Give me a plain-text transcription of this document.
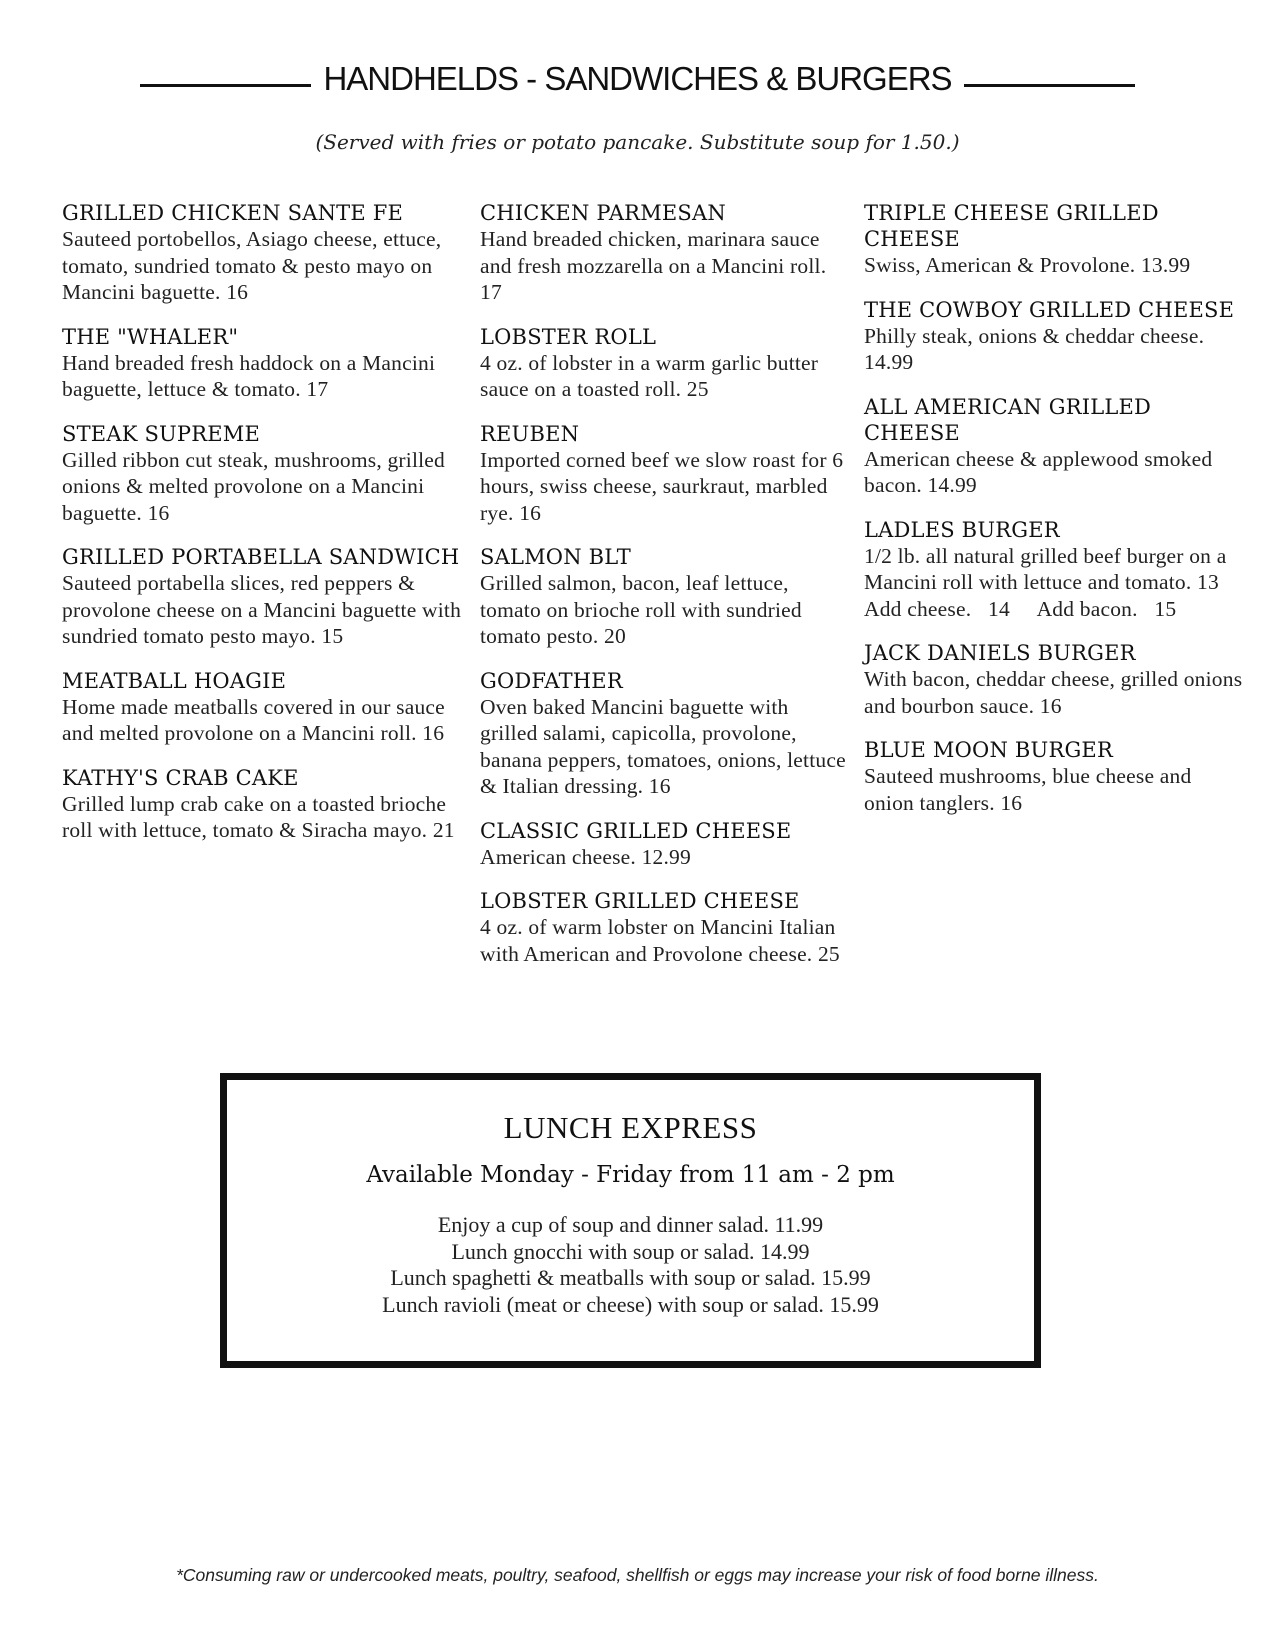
HANDHELDS - SANDWICHES & BURGERS
(Served with fries or potato pancake. Substitute soup for 1.50.)
GRILLED CHICKEN SANTE FE
Sauteed portobellos, Asiago cheese, ettuce, tomato, sundried tomato & pesto mayo on Mancini baguette. 16
THE "WHALER"
Hand breaded fresh haddock on a Mancini baguette, lettuce & tomato. 17
STEAK SUPREME
Gilled ribbon cut steak, mushrooms, grilled onions & melted provolone on a Mancini baguette. 16
GRILLED PORTABELLA SANDWICH
Sauteed portabella slices, red peppers & provolone cheese on a Mancini baguette with sundried tomato pesto mayo. 15
MEATBALL HOAGIE
Home made meatballs covered in our sauce and melted provolone on a Mancini roll. 16
KATHY'S CRAB CAKE
Grilled lump crab cake on a toasted brioche roll with lettuce, tomato & Siracha mayo. 21
CHICKEN PARMESAN
Hand breaded chicken, marinara sauce and fresh mozzarella on a Mancini roll. 17
LOBSTER ROLL
4 oz. of lobster in a warm garlic butter sauce on a toasted roll. 25
REUBEN
Imported corned beef we slow roast for 6 hours, swiss cheese, saurkraut, marbled rye. 16
SALMON BLT
Grilled salmon, bacon, leaf lettuce, tomato on brioche roll with sundried tomato pesto. 20
GODFATHER
Oven baked Mancini baguette with grilled salami, capicolla, provolone, banana peppers, tomatoes, onions, lettuce & Italian dressing. 16
CLASSIC GRILLED CHEESE
American cheese. 12.99
LOBSTER GRILLED CHEESE
4 oz. of warm lobster on Mancini Italian with American and Provolone cheese. 25
TRIPLE CHEESE GRILLED CHEESE
Swiss, American & Provolone. 13.99
THE COWBOY GRILLED CHEESE
Philly steak, onions & cheddar cheese. 14.99
ALL AMERICAN GRILLED CHEESE
American cheese & applewood smoked bacon. 14.99
LADLES BURGER
1/2 lb. all natural grilled beef burger on a Mancini roll with lettuce and tomato. 13
Add cheese.   14     Add bacon.   15
JACK DANIELS BURGER
With bacon, cheddar cheese, grilled onions and bourbon sauce. 16
BLUE MOON BURGER
Sauteed mushrooms, blue cheese and onion tanglers. 16
LUNCH EXPRESS
Available Monday - Friday from 11 am - 2 pm
Enjoy a cup of soup and dinner salad. 11.99
Lunch gnocchi with soup or salad. 14.99
Lunch spaghetti & meatballs with soup or salad. 15.99
Lunch ravioli (meat or cheese) with soup or salad. 15.99
*Consuming raw or undercooked meats, poultry, seafood, shellfish or eggs may increase your risk of food borne illness.
